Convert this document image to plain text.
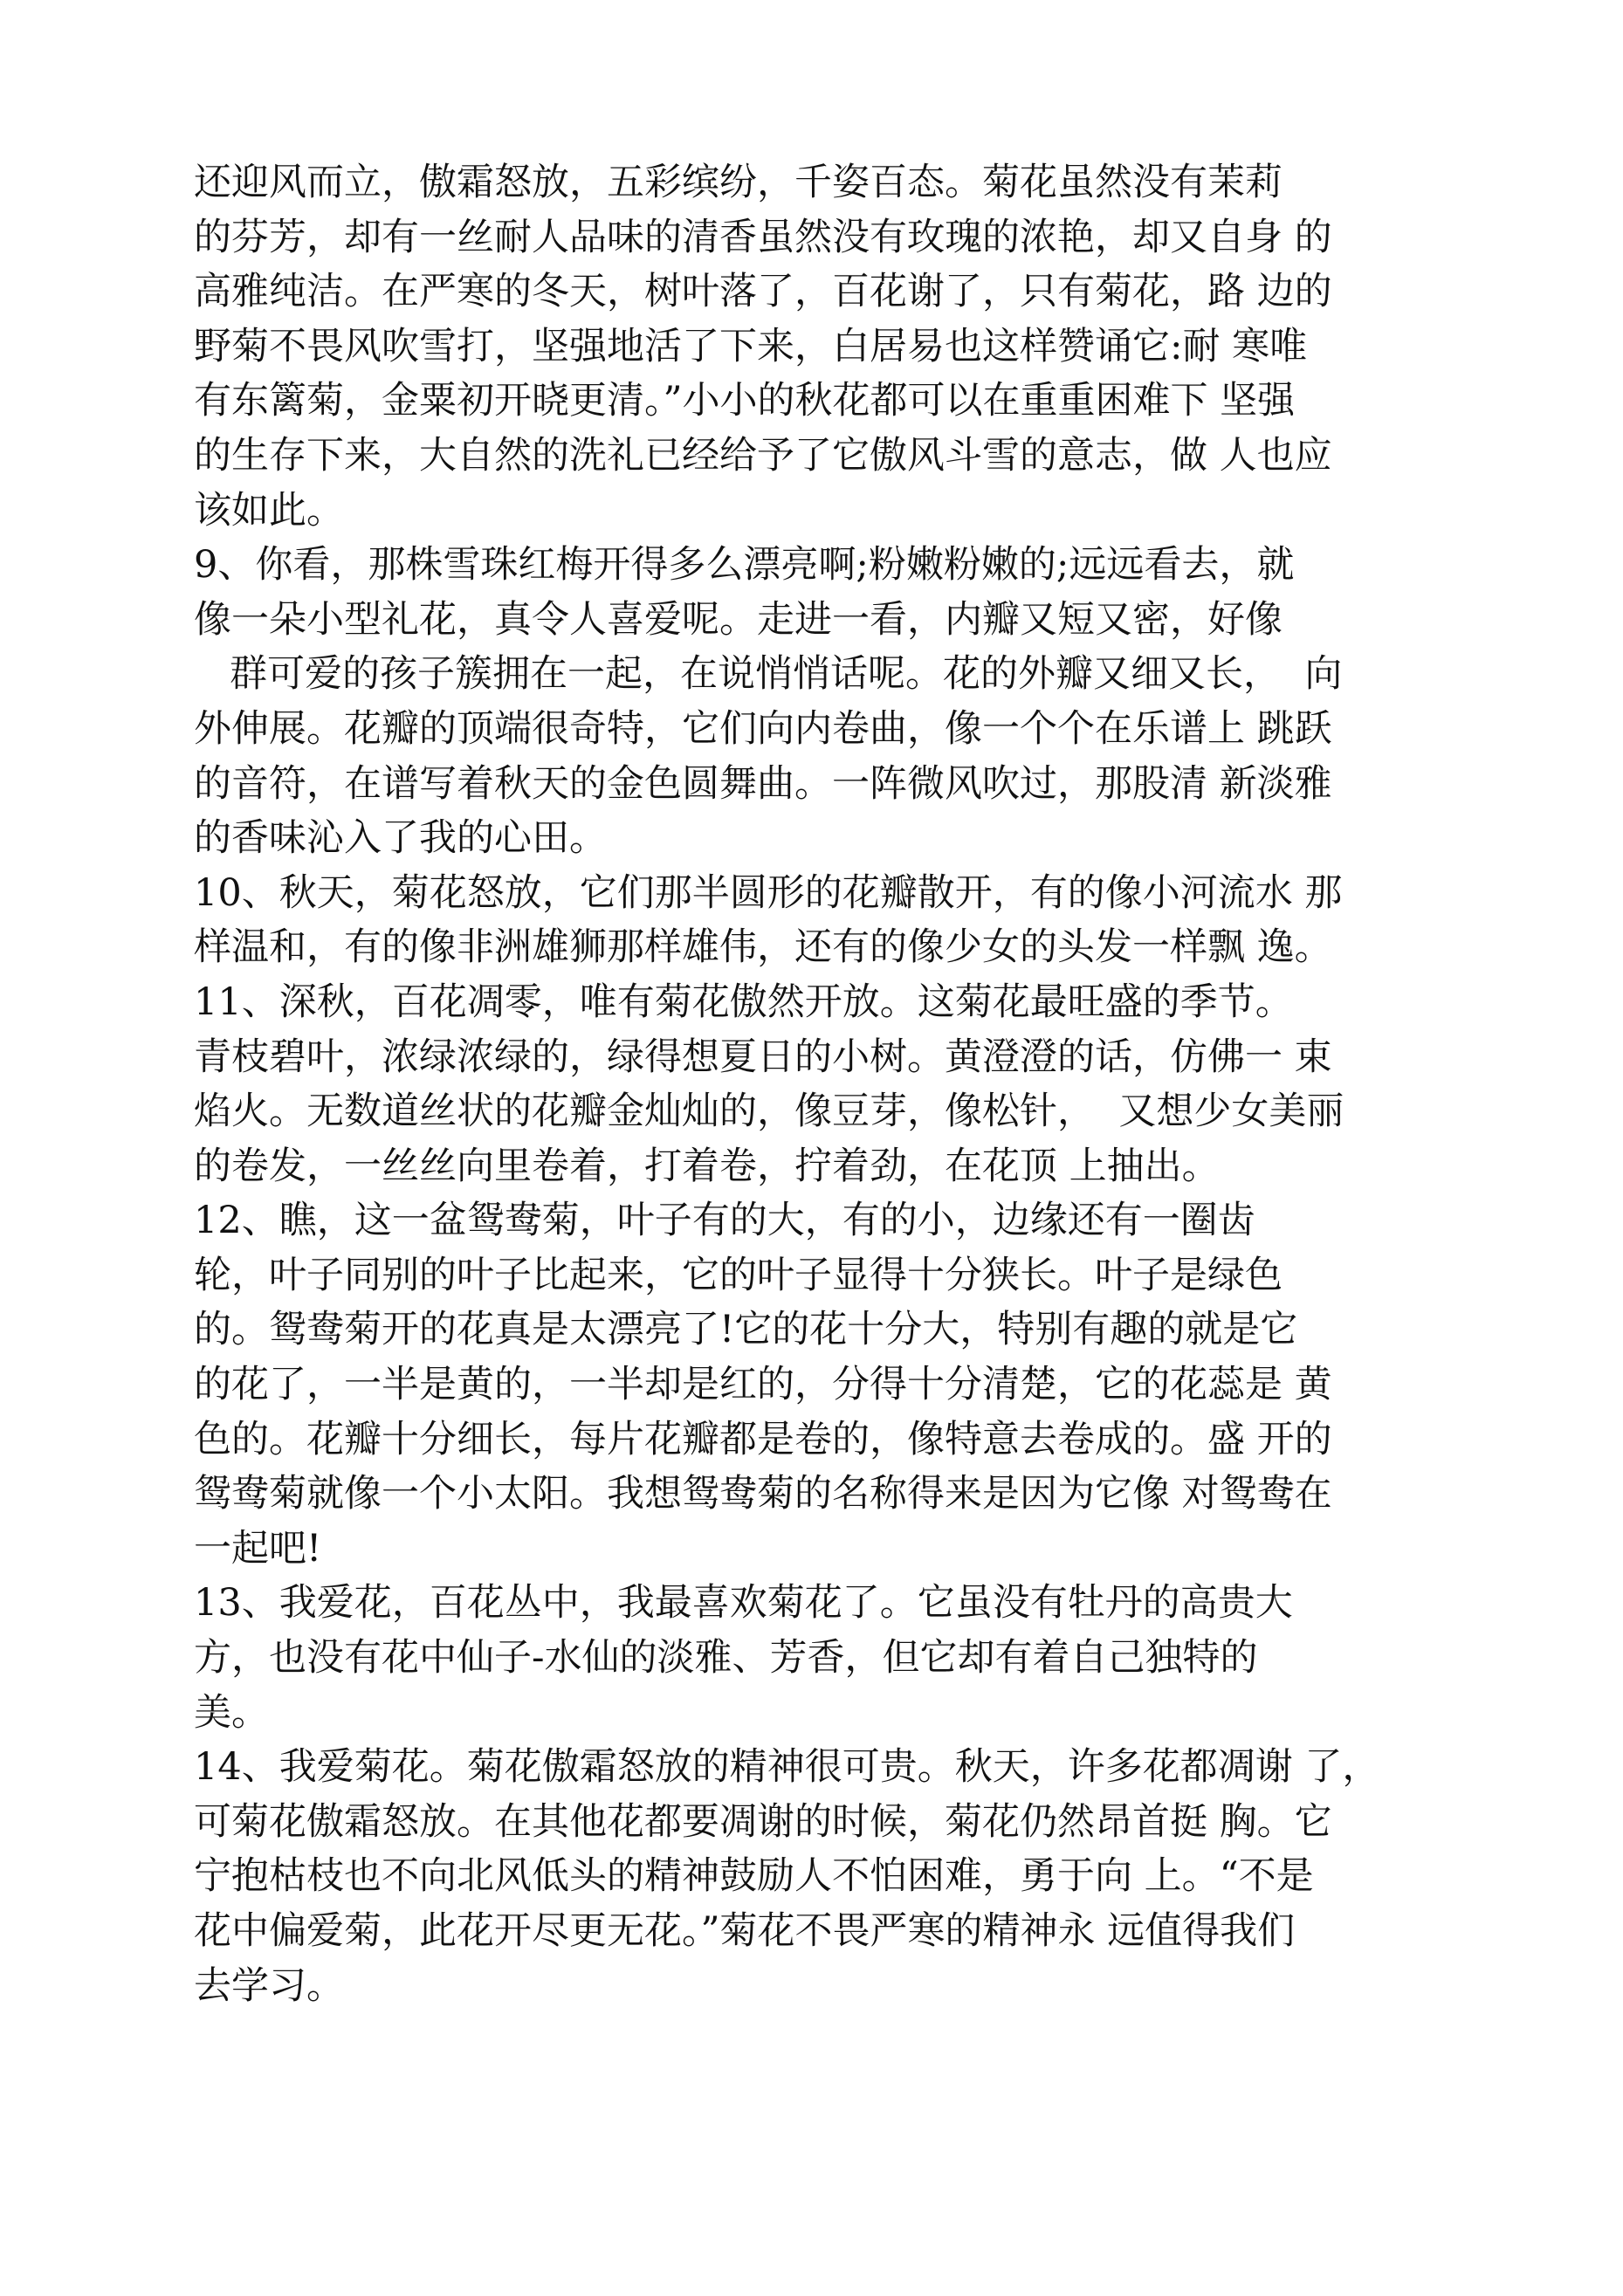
还迎风而立，傲霜怒放，五彩缤纷，千姿百态。菊花虽然没有茉莉
的芬芳，却有一丝耐人品味的清香虽然没有玫瑰的浓艳，却又自身 的
高雅纯洁。在严寒的冬天，树叶落了，百花谢了，只有菊花，路 边的
野菊不畏风吹雪打，坚强地活了下来，白居易也这样赞诵它:耐 寒唯
有东篱菊，金粟初开晓更清。”小小的秋花都可以在重重困难下 坚强
的生存下来，大自然的洗礼已经给予了它傲风斗雪的意志，做 人也应
该如此。
9、你看，那株雪珠红梅开得多么漂亮啊;粉嫩粉嫩的;远远看去，就
像一朵小型礼花，真令人喜爱呢。走进一看，内瓣又短又密，好像
群可爱的孩子簇拥在一起，在说悄悄话呢。花的外瓣又细又长，  向
外伸展。花瓣的顶端很奇特，它们向内卷曲，像一个个在乐谱上 跳跃
的音符，在谱写着秋天的金色圆舞曲。一阵微风吹过，那股清 新淡雅
的香味沁入了我的心田。
10、秋天，菊花怒放，它们那半圆形的花瓣散开，有的像小河流水 那
样温和，有的像非洲雄狮那样雄伟，还有的像少女的头发一样飘 逸。
11、深秋，百花凋零，唯有菊花傲然开放。这菊花最旺盛的季节。
青枝碧叶，浓绿浓绿的，绿得想夏日的小树。黄澄澄的话，仿佛一 束
焰火。无数道丝状的花瓣金灿灿的，像豆芽，像松针，  又想少女美丽
的卷发，一丝丝向里卷着，打着卷，拧着劲，在花顶 上抽出。
12、瞧，这一盆鸳鸯菊，叶子有的大，有的小，边缘还有一圈齿
轮，叶子同别的叶子比起来，它的叶子显得十分狭长。叶子是绿色
的。鸳鸯菊开的花真是太漂亮了!它的花十分大，特别有趣的就是它
的花了，一半是黄的，一半却是红的，分得十分清楚，它的花蕊是 黄
色的。花瓣十分细长，每片花瓣都是卷的，像特意去卷成的。盛 开的
鸳鸯菊就像一个小太阳。我想鸳鸯菊的名称得来是因为它像 对鸳鸯在
一起吧!
13、我爱花，百花丛中，我最喜欢菊花了。它虽没有牡丹的高贵大
方，也没有花中仙子-水仙的淡雅、芳香，但它却有着自己独特的
美。
14、我爱菊花。菊花傲霜怒放的精神很可贵。秋天，许多花都凋谢 了，
可菊花傲霜怒放。在其他花都要凋谢的时候，菊花仍然昂首挺 胸。它
宁抱枯枝也不向北风低头的精神鼓励人不怕困难，勇于向 上。“不是
花中偏爱菊，此花开尽更无花。”菊花不畏严寒的精神永 远值得我们
去学习。
